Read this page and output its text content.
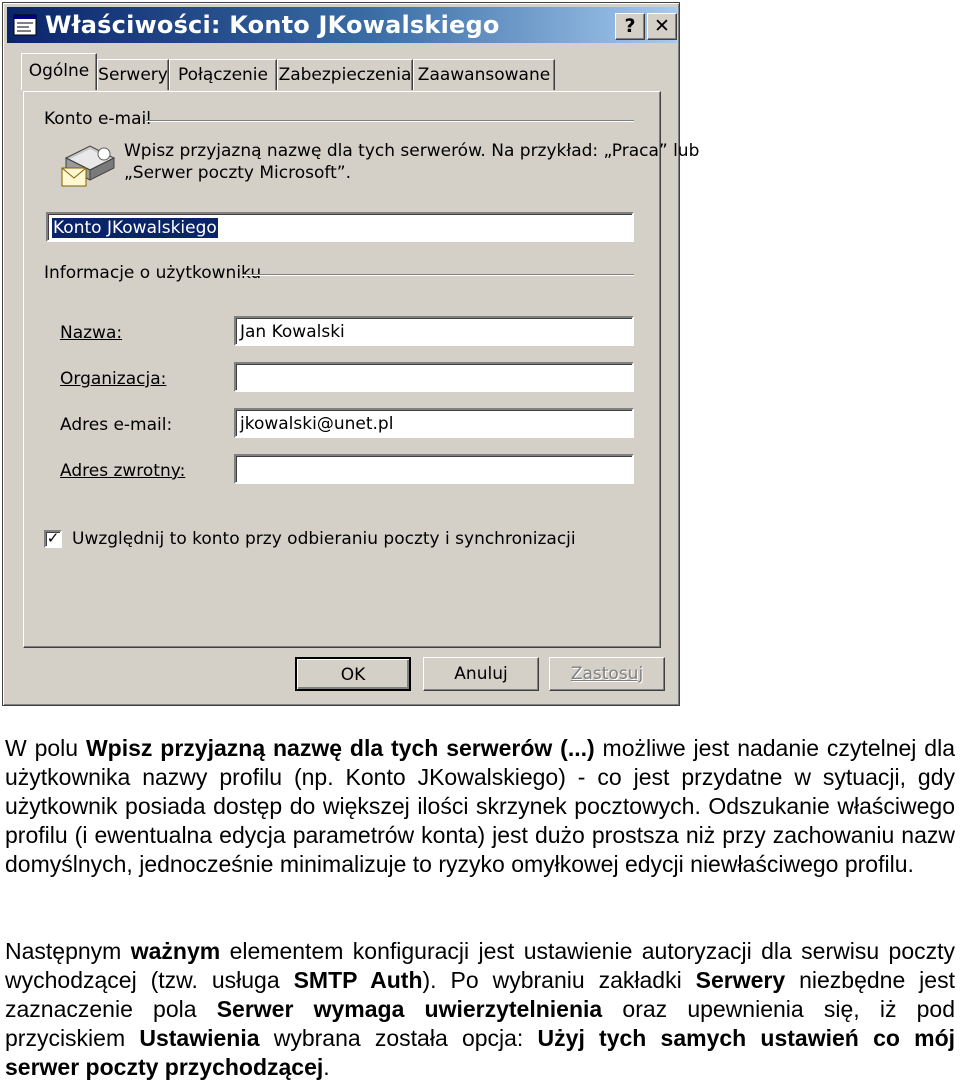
Właściwości: Konto JKowalskiego	? ✕
Ogólne Serwery Połączenie Zabezpieczenia Zaawansowane
Konto e-mail
Wpisz przyjazną nazwę dla tych serwerów. Na przykład: „Praca” lub
„Serwer poczty Microsoft”.
Konto JKowalskiego
Informacje o użytkowniku
Nazwa:	Jan Kowalski
Organizacja:
Adres e-mail:	jkowalski@unet.pl
Adres zwrotny:
✓ Uwzględnij to konto przy odbieraniu poczty i synchronizacji
OK	Anuluj	Zastosuj

W polu Wpisz przyjazną nazwę dla tych serwerów (...) możliwe jest nadanie czytelnej dla użytkownika nazwy profilu (np. Konto JKowalskiego) - co jest przydatne w sytuacji, gdy użytkownik posiada dostęp do większej ilości skrzynek pocztowych. Odszukanie właściwego profilu (i ewentualna edycja parametrów konta) jest dużo prostsza niż przy zachowaniu nazw domyślnych, jednocześnie minimalizuje to ryzyko omyłkowej edycji niewłaściwego profilu.

Następnym ważnym elementem konfiguracji jest ustawienie autoryzacji dla serwisu poczty wychodzącej (tzw. usługa SMTP Auth). Po wybraniu zakładki Serwery niezbędne jest zaznaczenie pola Serwer wymaga uwierzytelnienia oraz upewnienia się, iż pod przyciskiem Ustawienia wybrana została opcja: Użyj tych samych ustawień co mój serwer poczty przychodzącej.
